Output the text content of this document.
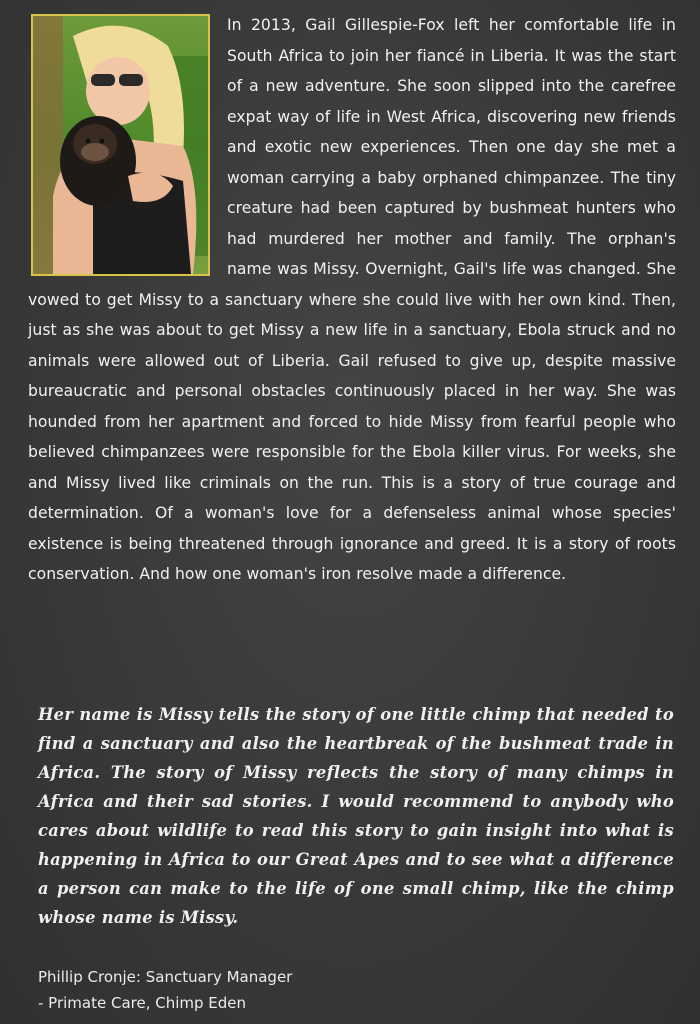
In 2013, Gail Gillespie-Fox left her comfortable life in South Africa to join her fiancé in Liberia. It was the start of a new adventure. She soon slipped into the carefree expat way of life in West Africa, discovering new friends and exotic new experiences. Then one day she met a woman carrying a baby orphaned chimpanzee. The tiny creature had been captured by bushmeat hunters who had murdered her mother and family. The orphan's name was Missy. Overnight, Gail's life was changed. She vowed to get Missy to a sanctuary where she could live with her own kind. Then, just as she was about to get Missy a new life in a sanctuary, Ebola struck and no animals were allowed out of Liberia. Gail refused to give up, despite massive bureaucratic and personal obstacles continuously placed in her way. She was hounded from her apartment and forced to hide Missy from fearful people who believed chimpanzees were responsible for the Ebola killer virus. For weeks, she and Missy lived like criminals on the run. This is a story of true courage and determination. Of a woman's love for a defenseless animal whose species' existence is being threatened through ignorance and greed. It is a story of roots conservation. And how one woman's iron resolve made a difference.
Her name is Missy tells the story of one little chimp that needed to find a sanctuary and also the heartbreak of the bushmeat trade in Africa. The story of Missy reflects the story of many chimps in Africa and their sad stories. I would recommend to anybody who cares about wildlife to read this story to gain insight into what is happening in Africa to our Great Apes and to see what a difference a person can make to the life of one small chimp, like the chimp whose name is Missy.
Phillip Cronje: Sanctuary Manager
- Primate Care, Chimp Eden
